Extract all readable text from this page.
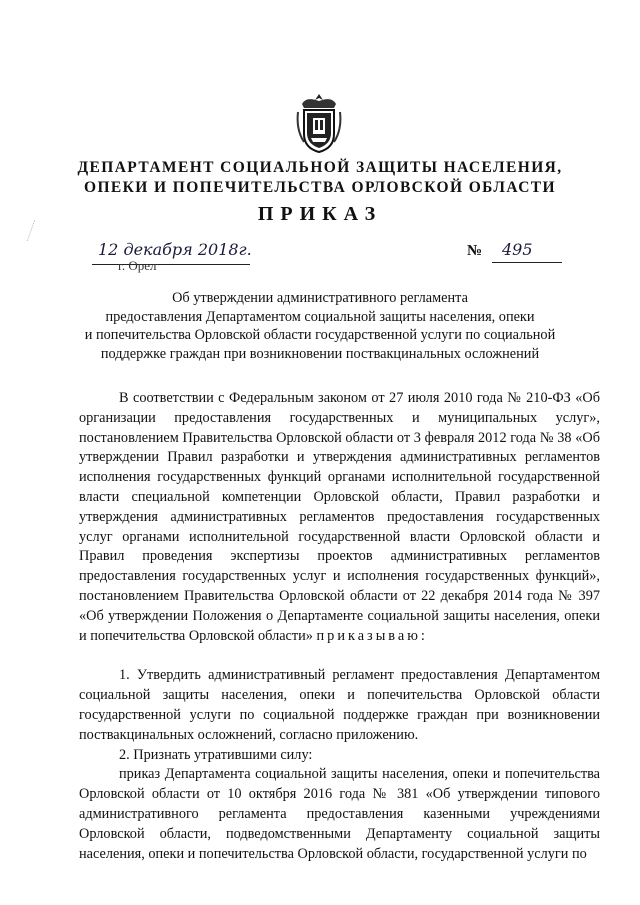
ДЕПАРТАМЕНТ СОЦИАЛЬНОЙ ЗАЩИТЫ НАСЕЛЕНИЯ,
ОПЕКИ И ПОПЕЧИТЕЛЬСТВА ОРЛОВСКОЙ ОБЛАСТИ
ПРИКАЗ
12 декабря 2018г.
г. Орел
№ 495
Об утверждении административного регламента
предоставления Департаментом социальной защиты населения, опеки
и попечительства Орловской области государственной услуги по социальной
поддержке граждан при возникновении поствакцинальных осложнений

В соответствии с Федеральным законом от 27 июля 2010 года № 210-ФЗ «Об организации предоставления государственных и муниципальных услуг», постановлением Правительства Орловской области от 3 февраля 2012 года № 38 «Об утверждении Правил разработки и утверждения административных регламентов исполнения государственных функций органами исполнительной государственной власти специальной компетенции Орловской области, Правил разработки и утверждения административных регламентов предоставления государственных услуг органами исполнительной государственной власти Орловской области и Правил проведения экспертизы проектов административных регламентов предоставления государственных услуг и исполнения государственных функций», постановлением Правительства Орловской области от 22 декабря 2014 года № 397 «Об утверждении Положения о Департаменте социальной защиты населения, опеки и попечительства Орловской области» приказываю:

1. Утвердить административный регламент предоставления Департаментом социальной защиты населения, опеки и попечительства Орловской области государственной услуги по социальной поддержке граждан при возникновении поствакцинальных осложнений, согласно приложению.

2. Признать утратившими силу:

приказ Департамента социальной защиты населения, опеки и попечительства Орловской области от 10 октября 2016 года № 381 «Об утверждении типового административного регламента предоставления казенными учреждениями Орловской области, подведомственными Департаменту социальной защиты населения, опеки и попечительства Орловской области, государственной услуги по
